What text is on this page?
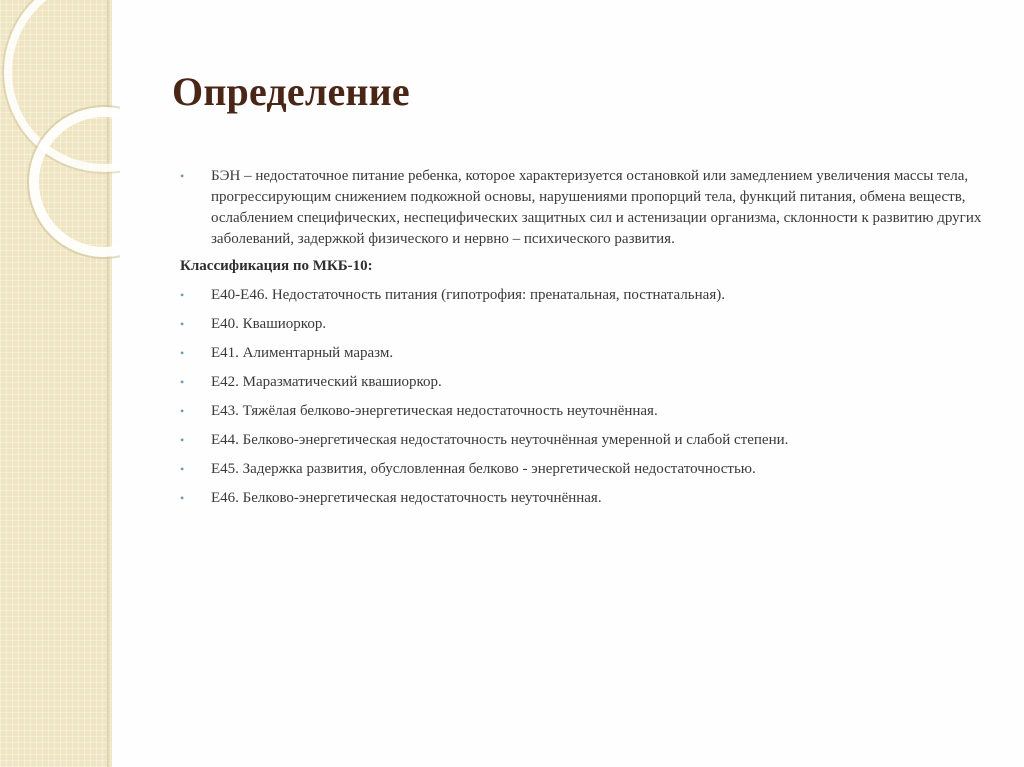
Определение
• БЭН – недостаточное питание ребенка, которое характеризуется остановкой или замедлением увеличения массы тела, прогрессирующим снижением подкожной основы, нарушениями пропорций тела, функций питания, обмена веществ, ослаблением специфических, неспецифических защитных сил и астенизации организма, склонности к развитию других заболеваний, задержкой физического и нервно – психического развития.
Классификация по МКБ-10:
• Е40-Е46. Недостаточность питания (гипотрофия: пренатальная, постнатальная).
• Е40. Квашиоркор.
• Е41. Алиментарный маразм.
• Е42. Маразматический квашиоркор.
• Е43. Тяжёлая белково-энергетическая недостаточность неуточнённая.
• Е44. Белково-энергетическая недостаточность неуточнённая умеренной и слабой степени.
• Е45. Задержка развития, обусловленная белково - энергетической недостаточностью.
• Е46. Белково-энергетическая недостаточность неуточнённая.
